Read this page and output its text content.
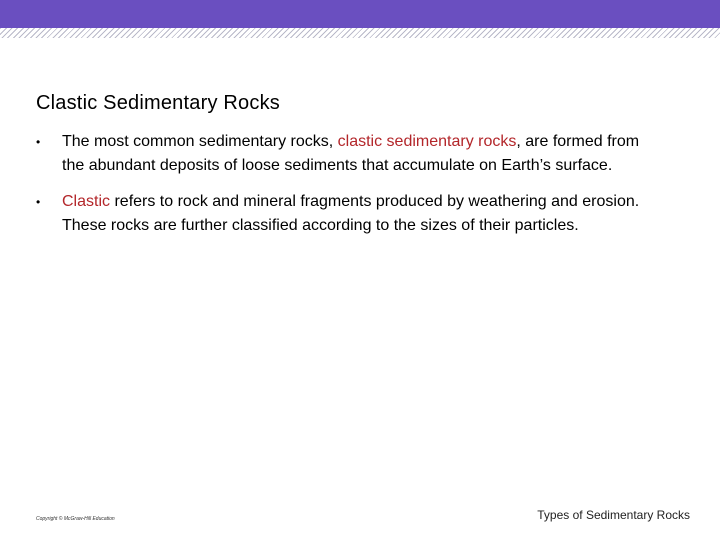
Clastic Sedimentary Rocks
•	The most common sedimentary rocks, clastic sedimentary rocks, are formed from the abundant deposits of loose sediments that accumulate on Earth’s surface.
•	Clastic refers to rock and mineral fragments produced by weathering and erosion. These rocks are further classified according to the sizes of their particles.
Copyright © McGraw-Hill Education	Types of Sedimentary Rocks
